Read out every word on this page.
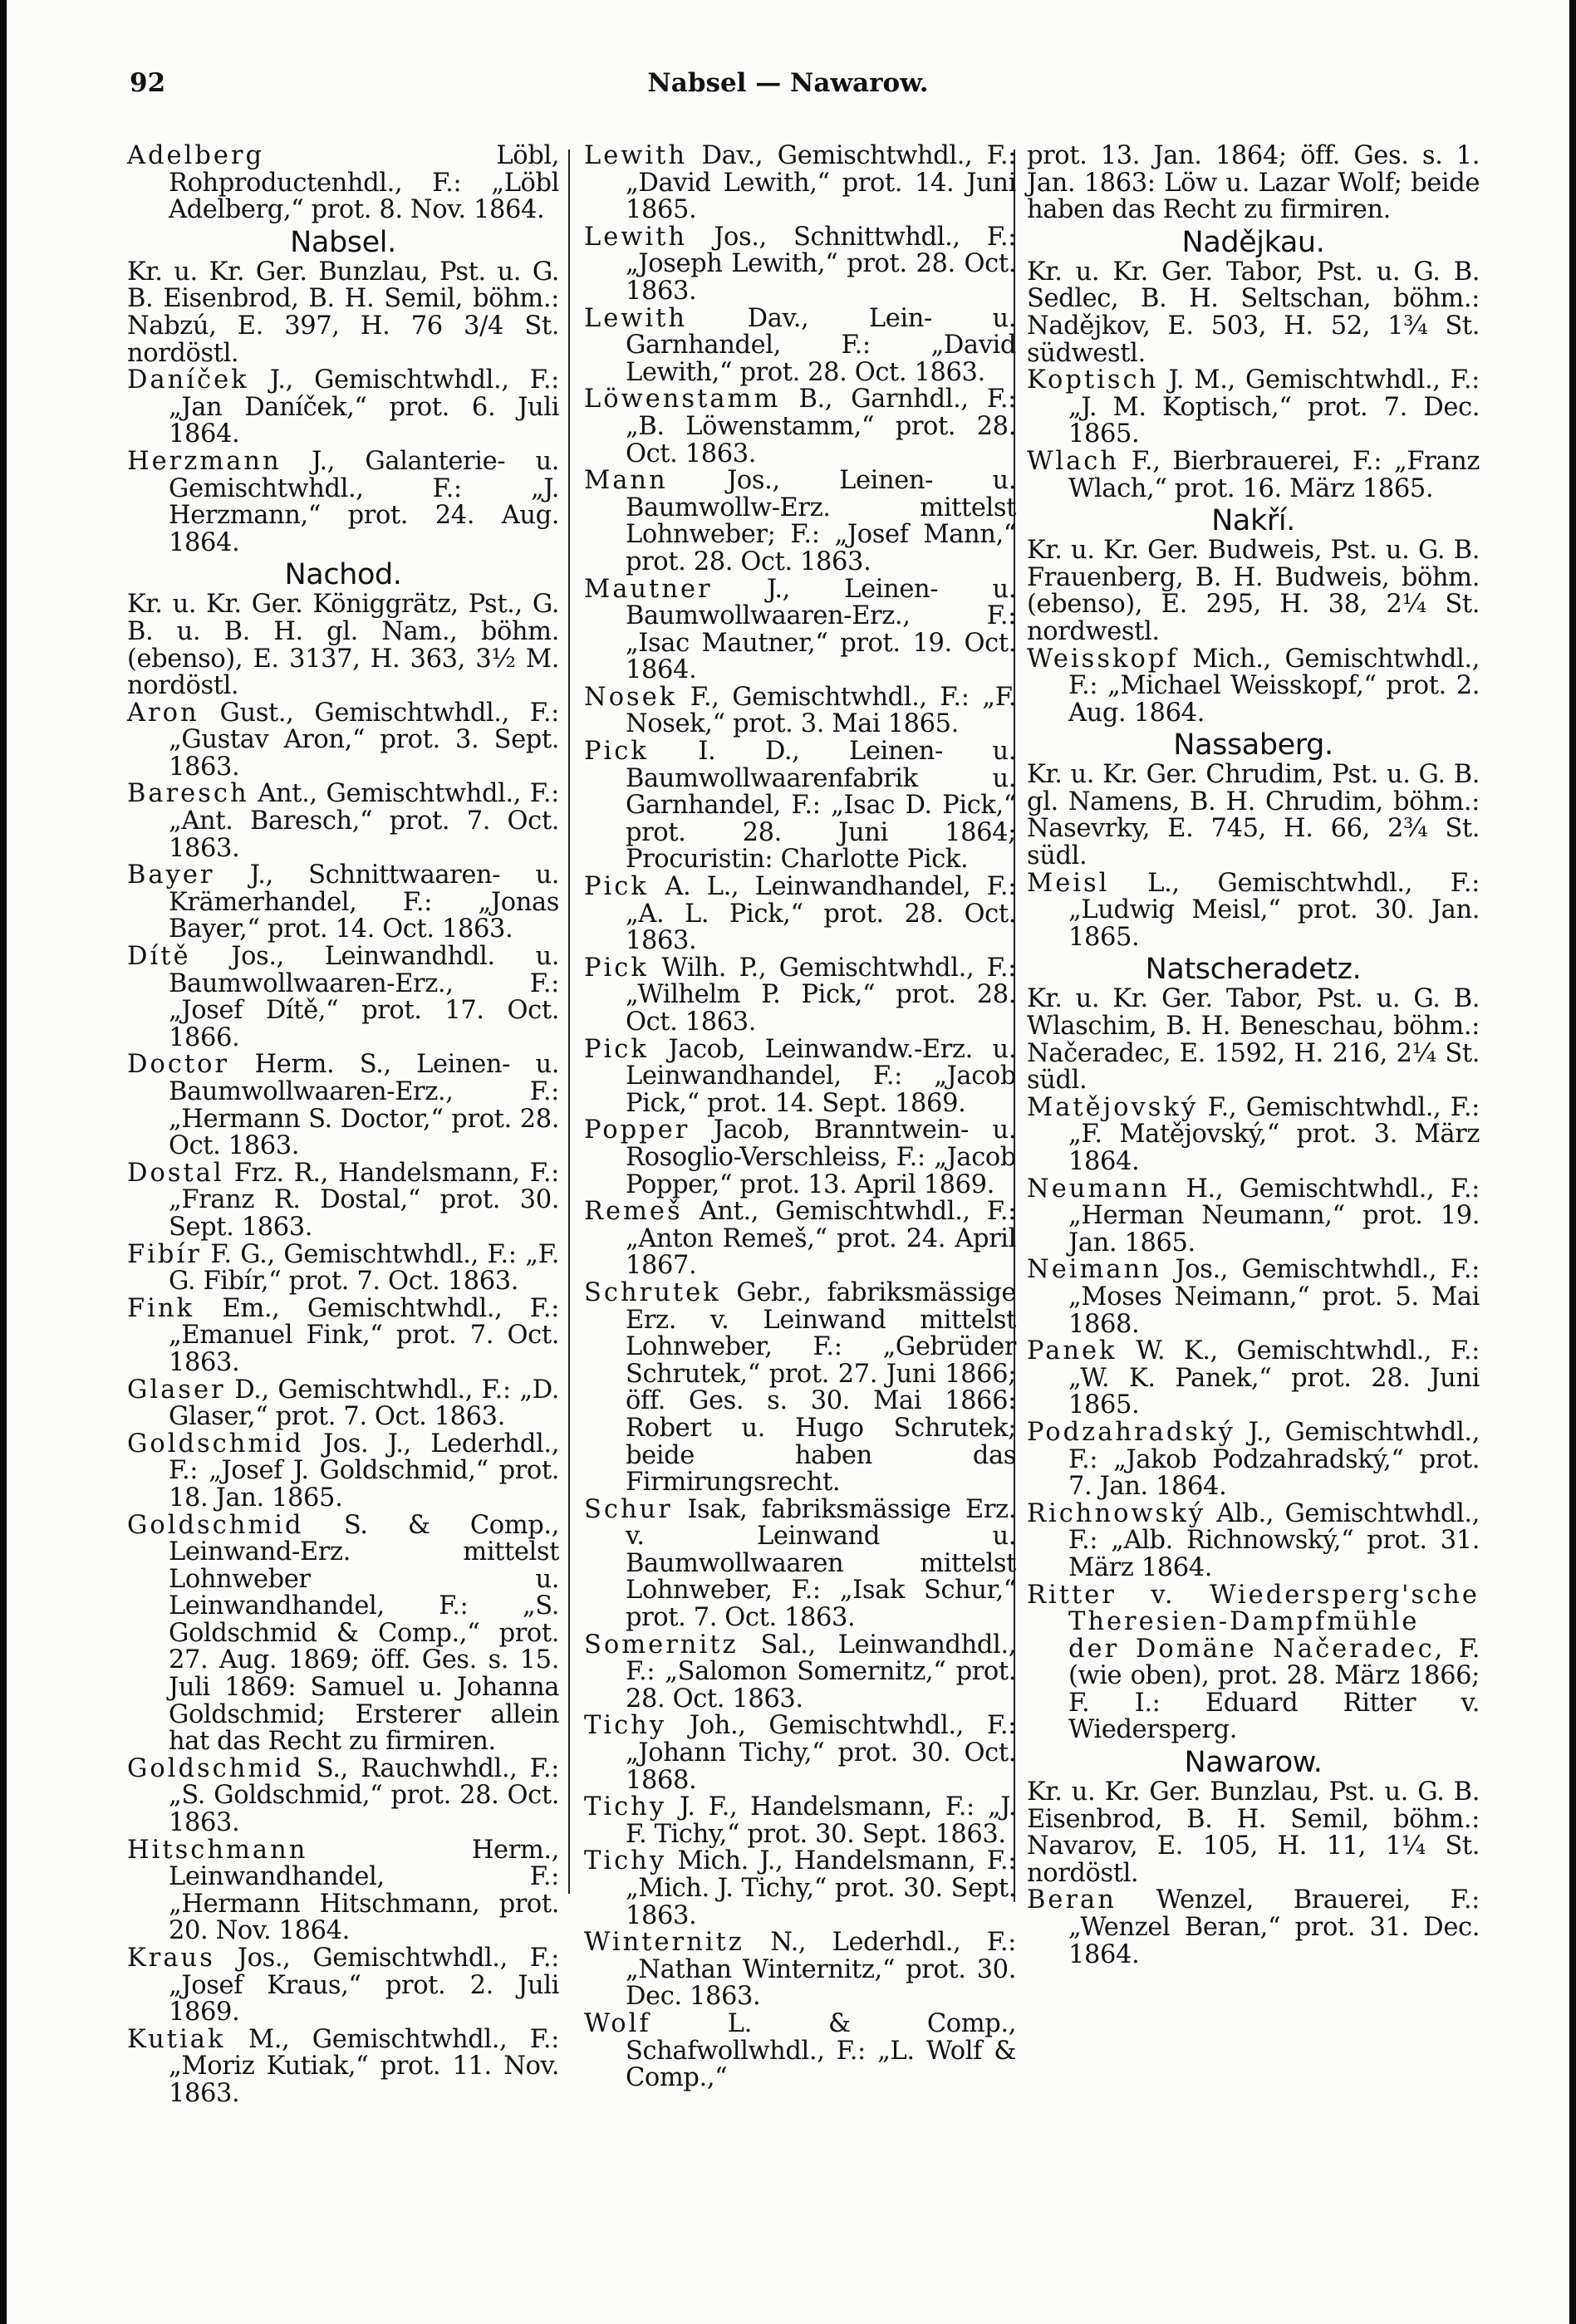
92	Nabsel — Nawarow.

Adelberg Löbl, Rohproductenhdl., F.: „Löbl Adelberg,“ prot. 8. Nov. 1864.

Nabsel.

Kr. u. Kr. Ger. Bunzlau, Pst. u. G. B. Eisenbrod, B. H. Semil, böhm.: Nabzú, E. 397, H. 76 3/4 St. nordöstl.

Daníček J., Gemischtwhdl., F.: „Jan Daníček,“ prot. 6. Juli 1864.

Herzmann J., Galanterie- u. Gemischtwhdl., F.: „J. Herzmann,“ prot. 24. Aug. 1864.

Nachod.

Kr. u. Kr. Ger. Königgrätz, Pst., G. B. u. B. H. gl. Nam., böhm. (ebenso), E. 3137, H. 363, 3½ M. nordöstl.

Aron Gust., Gemischtwhdl., F.: „Gustav Aron,“ prot. 3. Sept. 1863.

Baresch Ant., Gemischtwhdl., F.: „Ant. Baresch,“ prot. 7. Oct. 1863.

Bayer J., Schnittwaaren- u. Krämerhandel, F.: „Jonas Bayer,“ prot. 14. Oct. 1863.

Dítě Jos., Leinwandhdl. u. Baumwollwaaren-Erz., F.: „Josef Dítě,“ prot. 17. Oct. 1866.

Doctor Herm. S., Leinen- u. Baumwollwaaren-Erz., F.: „Hermann S. Doctor,“ prot. 28. Oct. 1863.

Dostal Frz. R., Handelsmann, F.: „Franz R. Dostal,“ prot. 30. Sept. 1863.

Fibír F. G., Gemischtwhdl., F.: „F. G. Fibír,“ prot. 7. Oct. 1863.

Fink Em., Gemischtwhdl., F.: „Emanuel Fink,“ prot. 7. Oct. 1863.

Glaser D., Gemischtwhdl., F.: „D. Glaser,“ prot. 7. Oct. 1863.

Goldschmid Jos. J., Lederhdl., F.: „Josef J. Goldschmid,“ prot. 18. Jan. 1865.

Goldschmid S. & Comp., Leinwand-Erz. mittelst Lohnweber u. Leinwandhandel, F.: „S. Goldschmid & Comp.,“ prot. 27. Aug. 1869; öff. Ges. s. 15. Juli 1869: Samuel u. Johanna Goldschmid; Ersterer allein hat das Recht zu firmiren.

Goldschmid S., Rauchwhdl., F.: „S. Goldschmid,“ prot. 28. Oct. 1863.

Hitschmann Herm., Leinwandhandel, F.: „Hermann Hitschmann, prot. 20. Nov. 1864.

Kraus Jos., Gemischtwhdl., F.: „Josef Kraus,“ prot. 2. Juli 1869.

Kutiak M., Gemischtwhdl., F.: „Moriz Kutiak,“ prot. 11. Nov. 1863.

Lewith Dav., Gemischtwhdl., F.: „David Lewith,“ prot. 14. Juni 1865.

Lewith Jos., Schnittwhdl., F.: „Joseph Lewith,“ prot. 28. Oct. 1863.

Lewith Dav., Lein- u. Garnhandel, F.: „David Lewith,“ prot. 28. Oct. 1863.

Löwenstamm B., Garnhdl., F.: „B. Löwenstamm,“ prot. 28. Oct. 1863.

Mann Jos., Leinen- u. Baumwollw-Erz. mittelst Lohnweber; F.: „Josef Mann,“ prot. 28. Oct. 1863.

Mautner J., Leinen- u. Baumwollwaaren-Erz., F.: „Isac Mautner,“ prot. 19. Oct. 1864.

Nosek F., Gemischtwhdl., F.: „F. Nosek,“ prot. 3. Mai 1865.

Pick I. D., Leinen- u. Baumwollwaarenfabrik u. Garnhandel, F.: „Isac D. Pick,“ prot. 28. Juni 1864; Procuristin: Charlotte Pick.

Pick A. L., Leinwandhandel, F.: „A. L. Pick,“ prot. 28. Oct. 1863.

Pick Wilh. P., Gemischtwhdl., F.: „Wilhelm P. Pick,“ prot. 28. Oct. 1863.

Pick Jacob, Leinwandw.-Erz. u. Leinwandhandel, F.: „Jacob Pick,“ prot. 14. Sept. 1869.

Popper Jacob, Branntwein- u. Rosoglio-Verschleiss, F.: „Jacob Popper,“ prot. 13. April 1869.

Remeš Ant., Gemischtwhdl., F.: „Anton Remeš,“ prot. 24. April 1867.

Schrutek Gebr., fabriksmässige Erz. v. Leinwand mittelst Lohnweber, F.: „Gebrüder Schrutek,“ prot. 27. Juni 1866; öff. Ges. s. 30. Mai 1866: Robert u. Hugo Schrutek; beide haben das Firmirungsrecht.

Schur Isak, fabriksmässige Erz. v. Leinwand u. Baumwollwaaren mittelst Lohnweber, F.: „Isak Schur,“ prot. 7. Oct. 1863.

Somernitz Sal., Leinwandhdl., F.: „Salomon Somernitz,“ prot. 28. Oct. 1863.

Tichy Joh., Gemischtwhdl., F.: „Johann Tichy,“ prot. 30. Oct. 1868.

Tichy J. F., Handelsmann, F.: „J. F. Tichy,“ prot. 30. Sept. 1863.

Tichy Mich. J., Handelsmann, F.: „Mich. J. Tichy,“ prot. 30. Sept. 1863.

Winternitz N., Lederhdl., F.: „Nathan Winternitz,“ prot. 30. Dec. 1863.

Wolf L. & Comp., Schafwollwhdl., F.: „L. Wolf & Comp.,“

prot. 13. Jan. 1864; öff. Ges. s. 1. Jan. 1863: Löw u. Lazar Wolf; beide haben das Recht zu firmiren.

Nadějkau.

Kr. u. Kr. Ger. Tabor, Pst. u. G. B. Sedlec, B. H. Seltschan, böhm.: Nadějkov, E. 503, H. 52, 1¾ St. südwestl.

Koptisch J. M., Gemischtwhdl., F.: „J. M. Koptisch,“ prot. 7. Dec. 1865.

Wlach F., Bierbrauerei, F.: „Franz Wlach,“ prot. 16. März 1865.

Nakří.

Kr. u. Kr. Ger. Budweis, Pst. u. G. B. Frauenberg, B. H. Budweis, böhm. (ebenso), E. 295, H. 38, 2¼ St. nordwestl.

Weisskopf Mich., Gemischtwhdl., F.: „Michael Weisskopf,“ prot. 2. Aug. 1864.

Nassaberg.

Kr. u. Kr. Ger. Chrudim, Pst. u. G. B. gl. Namens, B. H. Chrudim, böhm.: Nasevrky, E. 745, H. 66, 2¾ St. südl.

Meisl L., Gemischtwhdl., F.: „Ludwig Meisl,“ prot. 30. Jan. 1865.

Natscheradetz.

Kr. u. Kr. Ger. Tabor, Pst. u. G. B. Wlaschim, B. H. Beneschau, böhm.: Načeradec, E. 1592, H. 216, 2¼ St. südl.

Matějovský F., Gemischtwhdl., F.: „F. Matějovský,“ prot. 3. März 1864.

Neumann H., Gemischtwhdl., F.: „Herman Neumann,“ prot. 19. Jan. 1865.

Neimann Jos., Gemischtwhdl., F.: „Moses Neimann,“ prot. 5. Mai 1868.

Panek W. K., Gemischtwhdl., F.: „W. K. Panek,“ prot. 28. Juni 1865.

Podzahradský J., Gemischtwhdl., F.: „Jakob Podzahradský,“ prot. 7. Jan. 1864.

Richnowský Alb., Gemischtwhdl., F.: „Alb. Richnowský,“ prot. 31. März 1864.

Ritter v. Wiedersperg'sche Theresien-Dampfmühle der Domäne Načeradec, F. (wie oben), prot. 28. März 1866; F. I.: Eduard Ritter v. Wiedersperg.

Nawarow.

Kr. u. Kr. Ger. Bunzlau, Pst. u. G. B. Eisenbrod, B. H. Semil, böhm.: Navarov, E. 105, H. 11, 1¼ St. nordöstl.

Beran Wenzel, Brauerei, F.: „Wenzel Beran,“ prot. 31. Dec. 1864.
